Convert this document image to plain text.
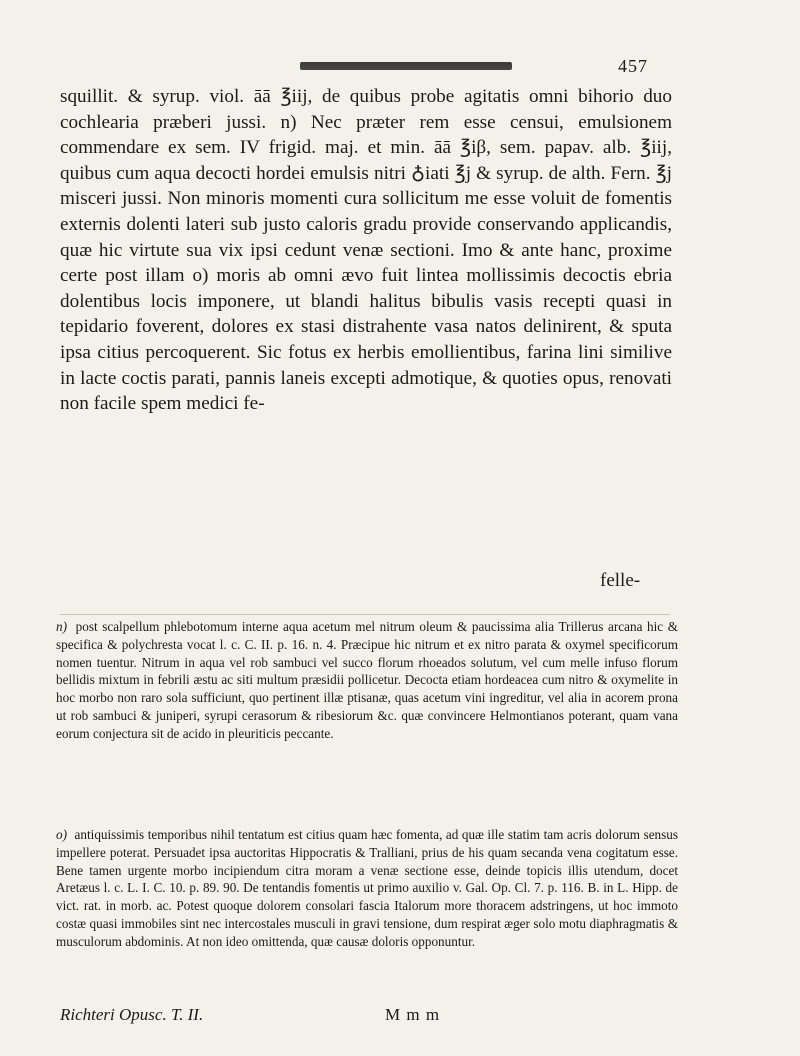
457

squillit. & syrup. viol. āā ℥iij, de quibus probe agitatis omni bihorio duo cochlearia præberi jussi. n) Nec præter rem esse censui, emulsionem commendare ex sem. IV frigid. maj. et min. āā ℥iβ, sem. papav. alb. ℥iij, quibus cum aqua decocti hordei emulsis nitri ♁iati ℥j & syrup. de alth. Fern. ℥j misceri jussi. Non minoris momenti cura sollicitum me esse voluit de fomentis externis dolenti lateri sub justo caloris gradu provide conservando applicandis, quæ hic virtute sua vix ipsi cedunt venæ sectioni. Imo & ante hanc, proxime certe post illam o) moris ab omni ævo fuit lintea mollissimis decoctis ebria dolentibus locis imponere, ut blandi halitus bibulis vasis recepti quasi in tepidario foverent, dolores ex stasi distrahente vasa natos delinirent, & sputa ipsa citius percoquerent. Sic fotus ex herbis emollientibus, farina lini similive in lacte coctis parati, pannis laneis excepti admotique, & quoties opus, renovati non facile spem medici fe-

felle-

n) post scalpellum phlebotomum interne aqua acetum mel nitrum oleum & paucissima alia Trillerus arcana hic & specifica & polychresta vocat l. c. C. II. p. 16. n. 4. Præcipue hic nitrum et ex nitro parata & oxymel specificorum nomen tuentur. Nitrum in aqua vel rob sambuci vel succo florum rhoeados solutum, vel cum melle infuso florum bellidis mixtum in febrili æstu ac siti multum præsidii pollicetur. Decocta etiam hordeacea cum nitro & oxymelite in hoc morbo non raro sola sufficiunt, quo pertinent illæ ptisanæ, quas acetum vini ingreditur, vel alia in acorem prona ut rob sambuci & juniperi, syrupi cerasorum & ribesiorum &c. quæ convincere Helmontianos poterant, quam vana eorum conjectura sit de acido in pleuriticis peccante.

o) antiquissimis temporibus nihil tentatum est citius quam hæc fomenta, ad quæ ille statim tam acris dolorum sensus impellere poterat. Persuadet ipsa auctoritas Hippocratis & Tralliani, prius de his quam secanda vena cogitatum esse. Bene tamen urgente morbo incipiendum citra moram a venæ sectione esse, deinde topicis illis utendum, docet Aretæus l. c. L. I. C. 10. p. 89. 90. De tentandis fomentis ut primo auxilio v. Gal. Op. Cl. 7. p. 116. B. in L. Hipp. de vict. rat. in morb. ac. Potest quoque dolorem consolari fascia Italorum more thoracem adstringens, ut hoc immoto costæ quasi immobiles sint nec intercostales musculi in gravi tensione, dum respirat æger solo motu diaphragmatis & musculorum abdominis. At non ideo omittenda, quæ causæ doloris opponuntur.

Richteri Opusc. T. II.	M m m
